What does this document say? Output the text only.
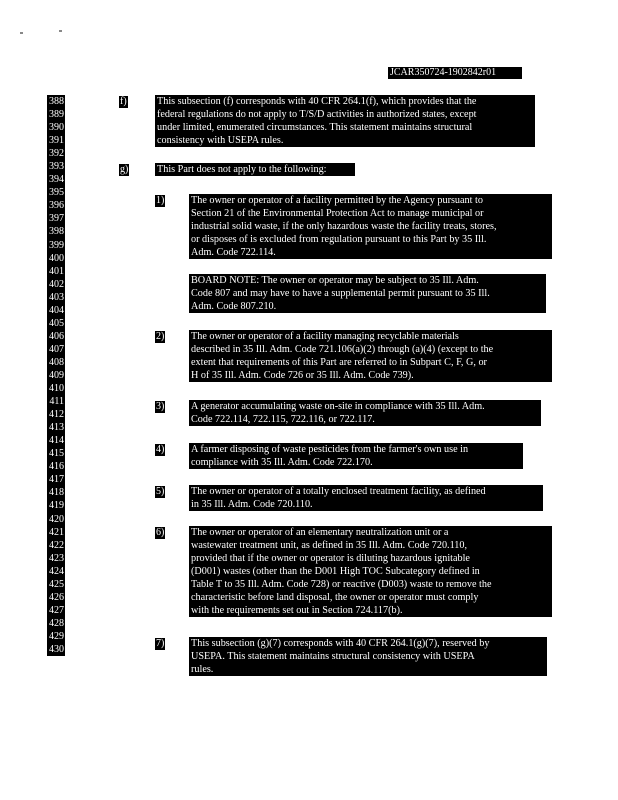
JCAR350724-1902842r01
388
389
390
391
392
393
394
395
396
397
398
399
400
401
402
403
404
405
406
407
408
409
410
411
412
413
414
415
416
417
418
419
420
421
422
423
424
425
426
427
428
429
430
f)
g)
1)
2)
3)
4)
5)
6)
7)
This subsection (f) corresponds with 40 CFR 264.1(f), which provides that the
federal regulations do not apply to T/S/D activities in authorized states, except
under limited, enumerated circumstances. This statement maintains structural
consistency with USEPA rules.
This Part does not apply to the following:
The owner or operator of a facility permitted by the Agency pursuant to
Section 21 of the Environmental Protection Act to manage municipal or
industrial solid waste, if the only hazardous waste the facility treats, stores,
or disposes of is excluded from regulation pursuant to this Part by 35 Ill.
Adm. Code 722.114.
BOARD NOTE: The owner or operator may be subject to 35 Ill. Adm.
Code 807 and may have to have a supplemental permit pursuant to 35 Ill.
Adm. Code 807.210.
The owner or operator of a facility managing recyclable materials
described in 35 Ill. Adm. Code 721.106(a)(2) through (a)(4) (except to the
extent that requirements of this Part are referred to in Subpart C, F, G, or
H of 35 Ill. Adm. Code 726 or 35 Ill. Adm. Code 739).
A generator accumulating waste on-site in compliance with 35 Ill. Adm.
Code 722.114, 722.115, 722.116, or 722.117.
A farmer disposing of waste pesticides from the farmer's own use in
compliance with 35 Ill. Adm. Code 722.170.
The owner or operator of a totally enclosed treatment facility, as defined
in 35 Ill. Adm. Code 720.110.
The owner or operator of an elementary neutralization unit or a
wastewater treatment unit, as defined in 35 Ill. Adm. Code 720.110,
provided that if the owner or operator is diluting hazardous ignitable
(D001) wastes (other than the D001 High TOC Subcategory defined in
Table T to 35 Ill. Adm. Code 728) or reactive (D003) waste to remove the
characteristic before land disposal, the owner or operator must comply
with the requirements set out in Section 724.117(b).
This subsection (g)(7) corresponds with 40 CFR 264.1(g)(7), reserved by
USEPA. This statement maintains structural consistency with USEPA
rules.
